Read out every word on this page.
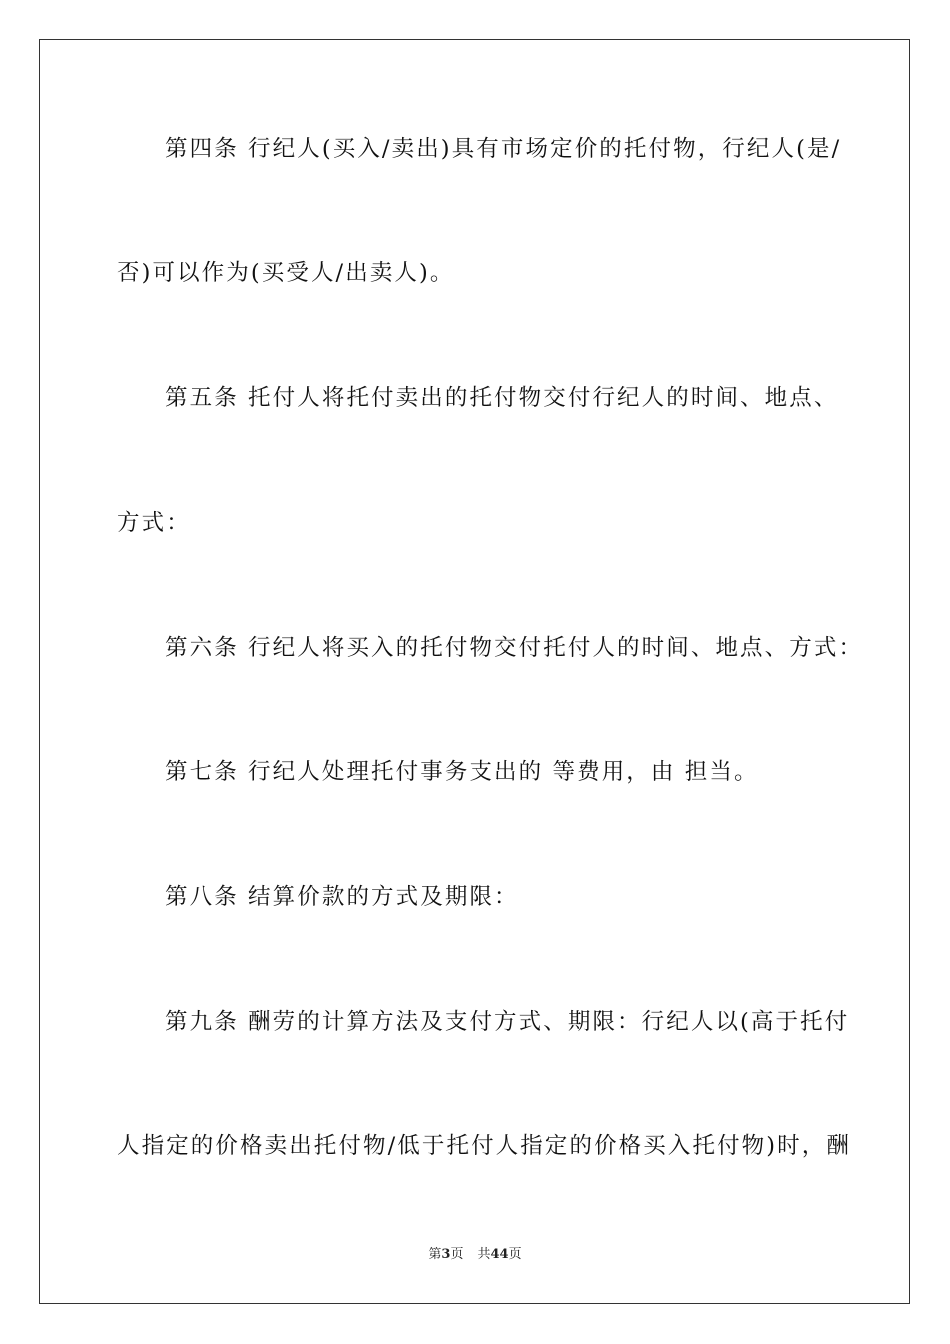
第四条 行纪人(买入/卖出)具有市场定价的托付物，行纪人(是/
否)可以作为(买受人/出卖人)。
第五条 托付人将托付卖出的托付物交付行纪人的时间、地点、
方式：
第六条 行纪人将买入的托付物交付托付人的时间、地点、方式：
第七条 行纪人处理托付事务支出的 等费用，由 担当。
第八条 结算价款的方式及期限：
第九条 酬劳的计算方法及支付方式、期限：行纪人以(高于托付
人指定的价格卖出托付物/低于托付人指定的价格买入托付物)时，酬
第3页 共44页
